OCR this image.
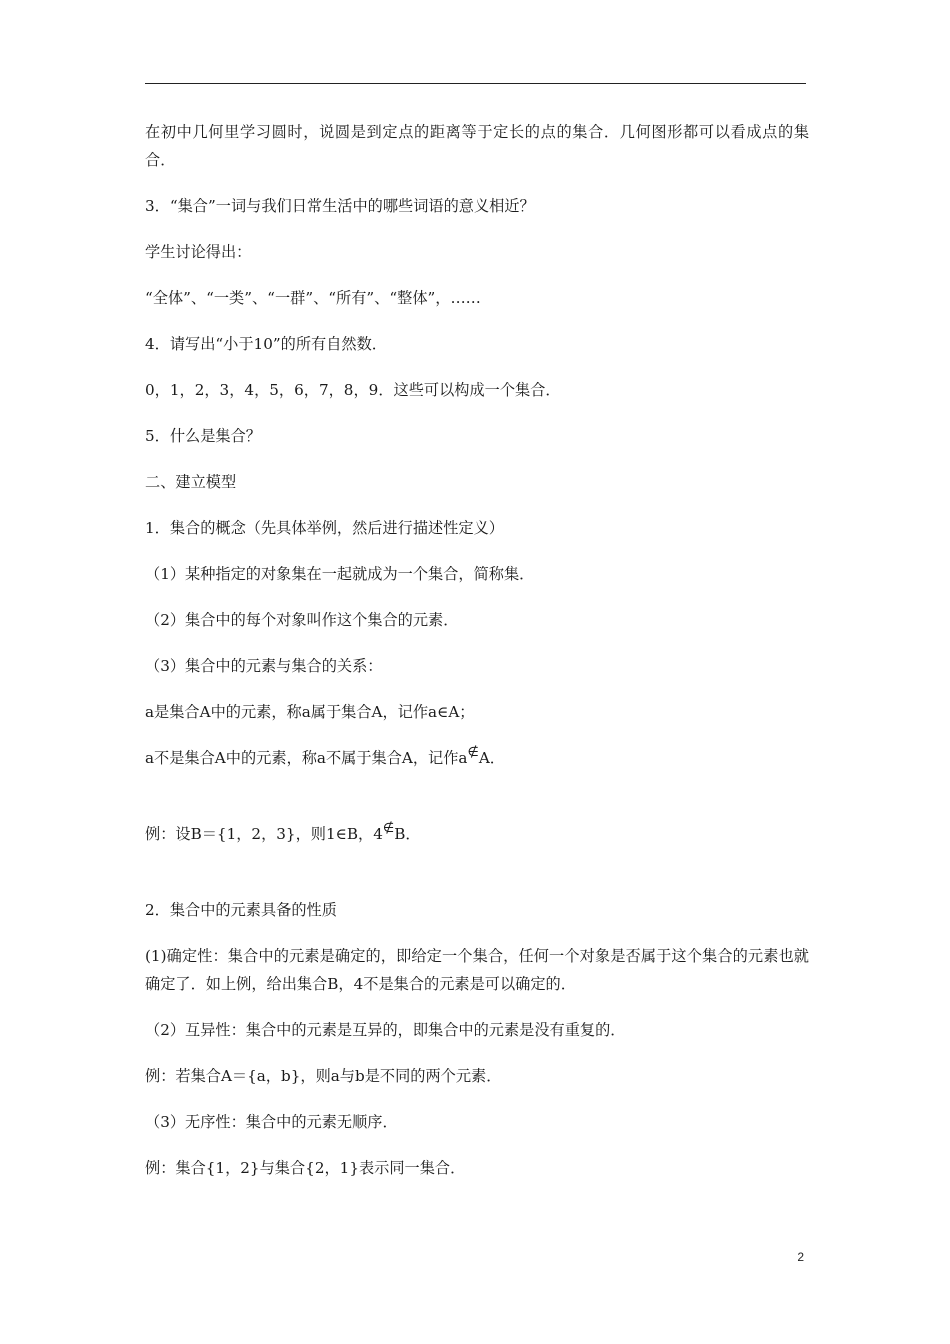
在初中几何里学习圆时，说圆是到定点的距离等于定长的点的集合．几何图形都可以看成点的集合．

3．“集合”一词与我们日常生活中的哪些词语的意义相近？

学生讨论得出：

“全体”、“一类”、“一群”、“所有”、“整体”，……

4．请写出“小于10”的所有自然数．

0，1，2，3，4，5，6，7，8，9．这些可以构成一个集合．

5．什么是集合？

二、建立模型

1．集合的概念（先具体举例，然后进行描述性定义）

（1）某种指定的对象集在一起就成为一个集合，简称集．

（2）集合中的每个对象叫作这个集合的元素．

（3）集合中的元素与集合的关系：

a是集合A中的元素，称a属于集合A，记作a∈A；

a不是集合A中的元素，称a不属于集合A，记作a∉A．

例：设B＝{1，2，3}，则1∈B，4∉B．

2．集合中的元素具备的性质

(1)确定性：集合中的元素是确定的，即给定一个集合，任何一个对象是否属于这个集合的元素也就确定了．如上例，给出集合B，4不是集合的元素是可以确定的．

（2）互异性：集合中的元素是互异的，即集合中的元素是没有重复的．

例：若集合A＝{a，b}，则a与b是不同的两个元素．

（3）无序性：集合中的元素无顺序．

例：集合{1，2}与集合{2，1}表示同一集合．

2
